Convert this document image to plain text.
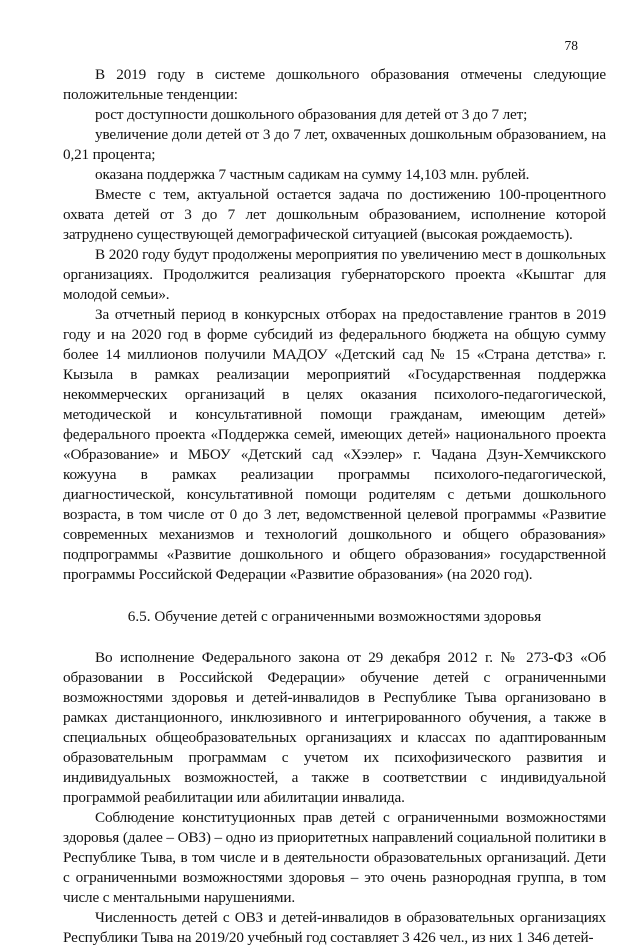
78

В 2019 году в системе дошкольного образования отмечены следующие положительные тенденции:

рост доступности дошкольного образования для детей от 3 до 7 лет;

увеличение доли детей от 3 до 7 лет, охваченных дошкольным образованием, на 0,21 процента;

оказана поддержка 7 частным садикам на сумму 14,103 млн. рублей.

Вместе с тем, актуальной остается задача по достижению 100-процентного охвата детей от 3 до 7 лет дошкольным образованием, исполнение которой затруднено существующей демографической ситуацией (высокая рождаемость).

В 2020 году будут продолжены мероприятия по увеличению мест в дошкольных организациях. Продолжится реализация губернаторского проекта «Кыштаг для молодой семьи».

За отчетный период в конкурсных отборах на предоставление грантов в 2019 году и на 2020 год в форме субсидий из федерального бюджета на общую сумму более 14 миллионов получили МАДОУ «Детский сад № 15 «Страна детства» г. Кызыла в рамках реализации мероприятий «Государственная поддержка некоммерческих организаций в целях оказания психолого-педагогической, методической и консультативной помощи гражданам, имеющим детей» федерального проекта «Поддержка семей, имеющих детей» национального проекта «Образование» и МБОУ «Детский сад «Хээлер» г. Чадана Дзун-Хемчикского кожууна в рамках реализации программы психолого-педагогической, диагностической, консультативной помощи родителям с детьми дошкольного возраста, в том числе от 0 до 3 лет, ведомственной целевой программы «Развитие современных механизмов и технологий дошкольного и общего образования» подпрограммы «Развитие дошкольного и общего образования» государственной программы Российской Федерации «Развитие образования» (на 2020 год).

6.5. Обучение детей с ограниченными возможностями здоровья

Во исполнение Федерального закона от 29 декабря 2012 г. № 273-ФЗ «Об образовании в Российской Федерации» обучение детей с ограниченными возможностями здоровья и детей-инвалидов в Республике Тыва организовано в рамках дистанционного, инклюзивного и интегрированного обучения, а также в специальных общеобразовательных организациях и классах по адаптированным образовательным программам с учетом их психофизического развития и индивидуальных возможностей, а также в соответствии с индивидуальной программой реабилитации или абилитации инвалида.

Соблюдение конституционных прав детей с ограниченными возможностями здоровья (далее – ОВЗ) – одно из приоритетных направлений социальной политики в Республике Тыва, в том числе и в деятельности образовательных организаций. Дети с ограниченными возможностями здоровья – это очень разнородная группа, в том числе с ментальными нарушениями.

Численность детей с ОВЗ и детей-инвалидов в образовательных организациях Республики Тыва на 2019/20 учебный год составляет 3 426 чел., из них 1 346 детей-
